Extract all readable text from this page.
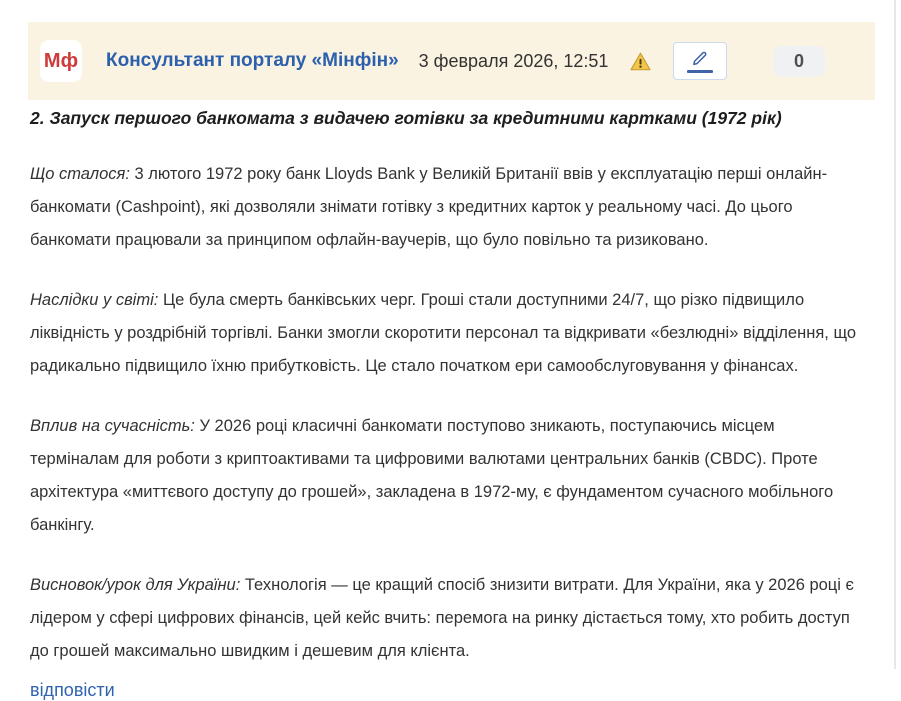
Мф Консультант порталу «Мінфін» 3 февраля 2026, 12:51	0

2. Запуск першого банкомата з видачею готівки за кредитними картками (1972 рік)

Що сталося: 3 лютого 1972 року банк Lloyds Bank у Великій Британії ввів у експлуатацію перші онлайн-банкомати (Cashpoint), які дозволяли знімати готівку з кредитних карток у реальному часі. До цього банкомати працювали за принципом офлайн-ваучерів, що було повільно та ризиковано.

Наслідки у світі: Це була смерть банківських черг. Гроші стали доступними 24/7, що різко підвищило ліквідність у роздрібній торгівлі. Банки змогли скоротити персонал та відкривати «безлюдні» відділення, що радикально підвищило їхню прибутковість. Це стало початком ери самообслуговування у фінансах.

Вплив на сучасність: У 2026 році класичні банкомати поступово зникають, поступаючись місцем терміналам для роботи з криптоактивами та цифровими валютами центральних банків (CBDC). Проте архітектура «миттєвого доступу до грошей», закладена в 1972-му, є фундаментом сучасного мобільного банкінгу.

Висновок/урок для України: Технологія — це кращий спосіб знизити витрати. Для України, яка у 2026 році є лідером у сфері цифрових фінансів, цей кейс вчить: перемога на ринку дістається тому, хто робить доступ до грошей максимально швидким і дешевим для клієнта.

відповісти
